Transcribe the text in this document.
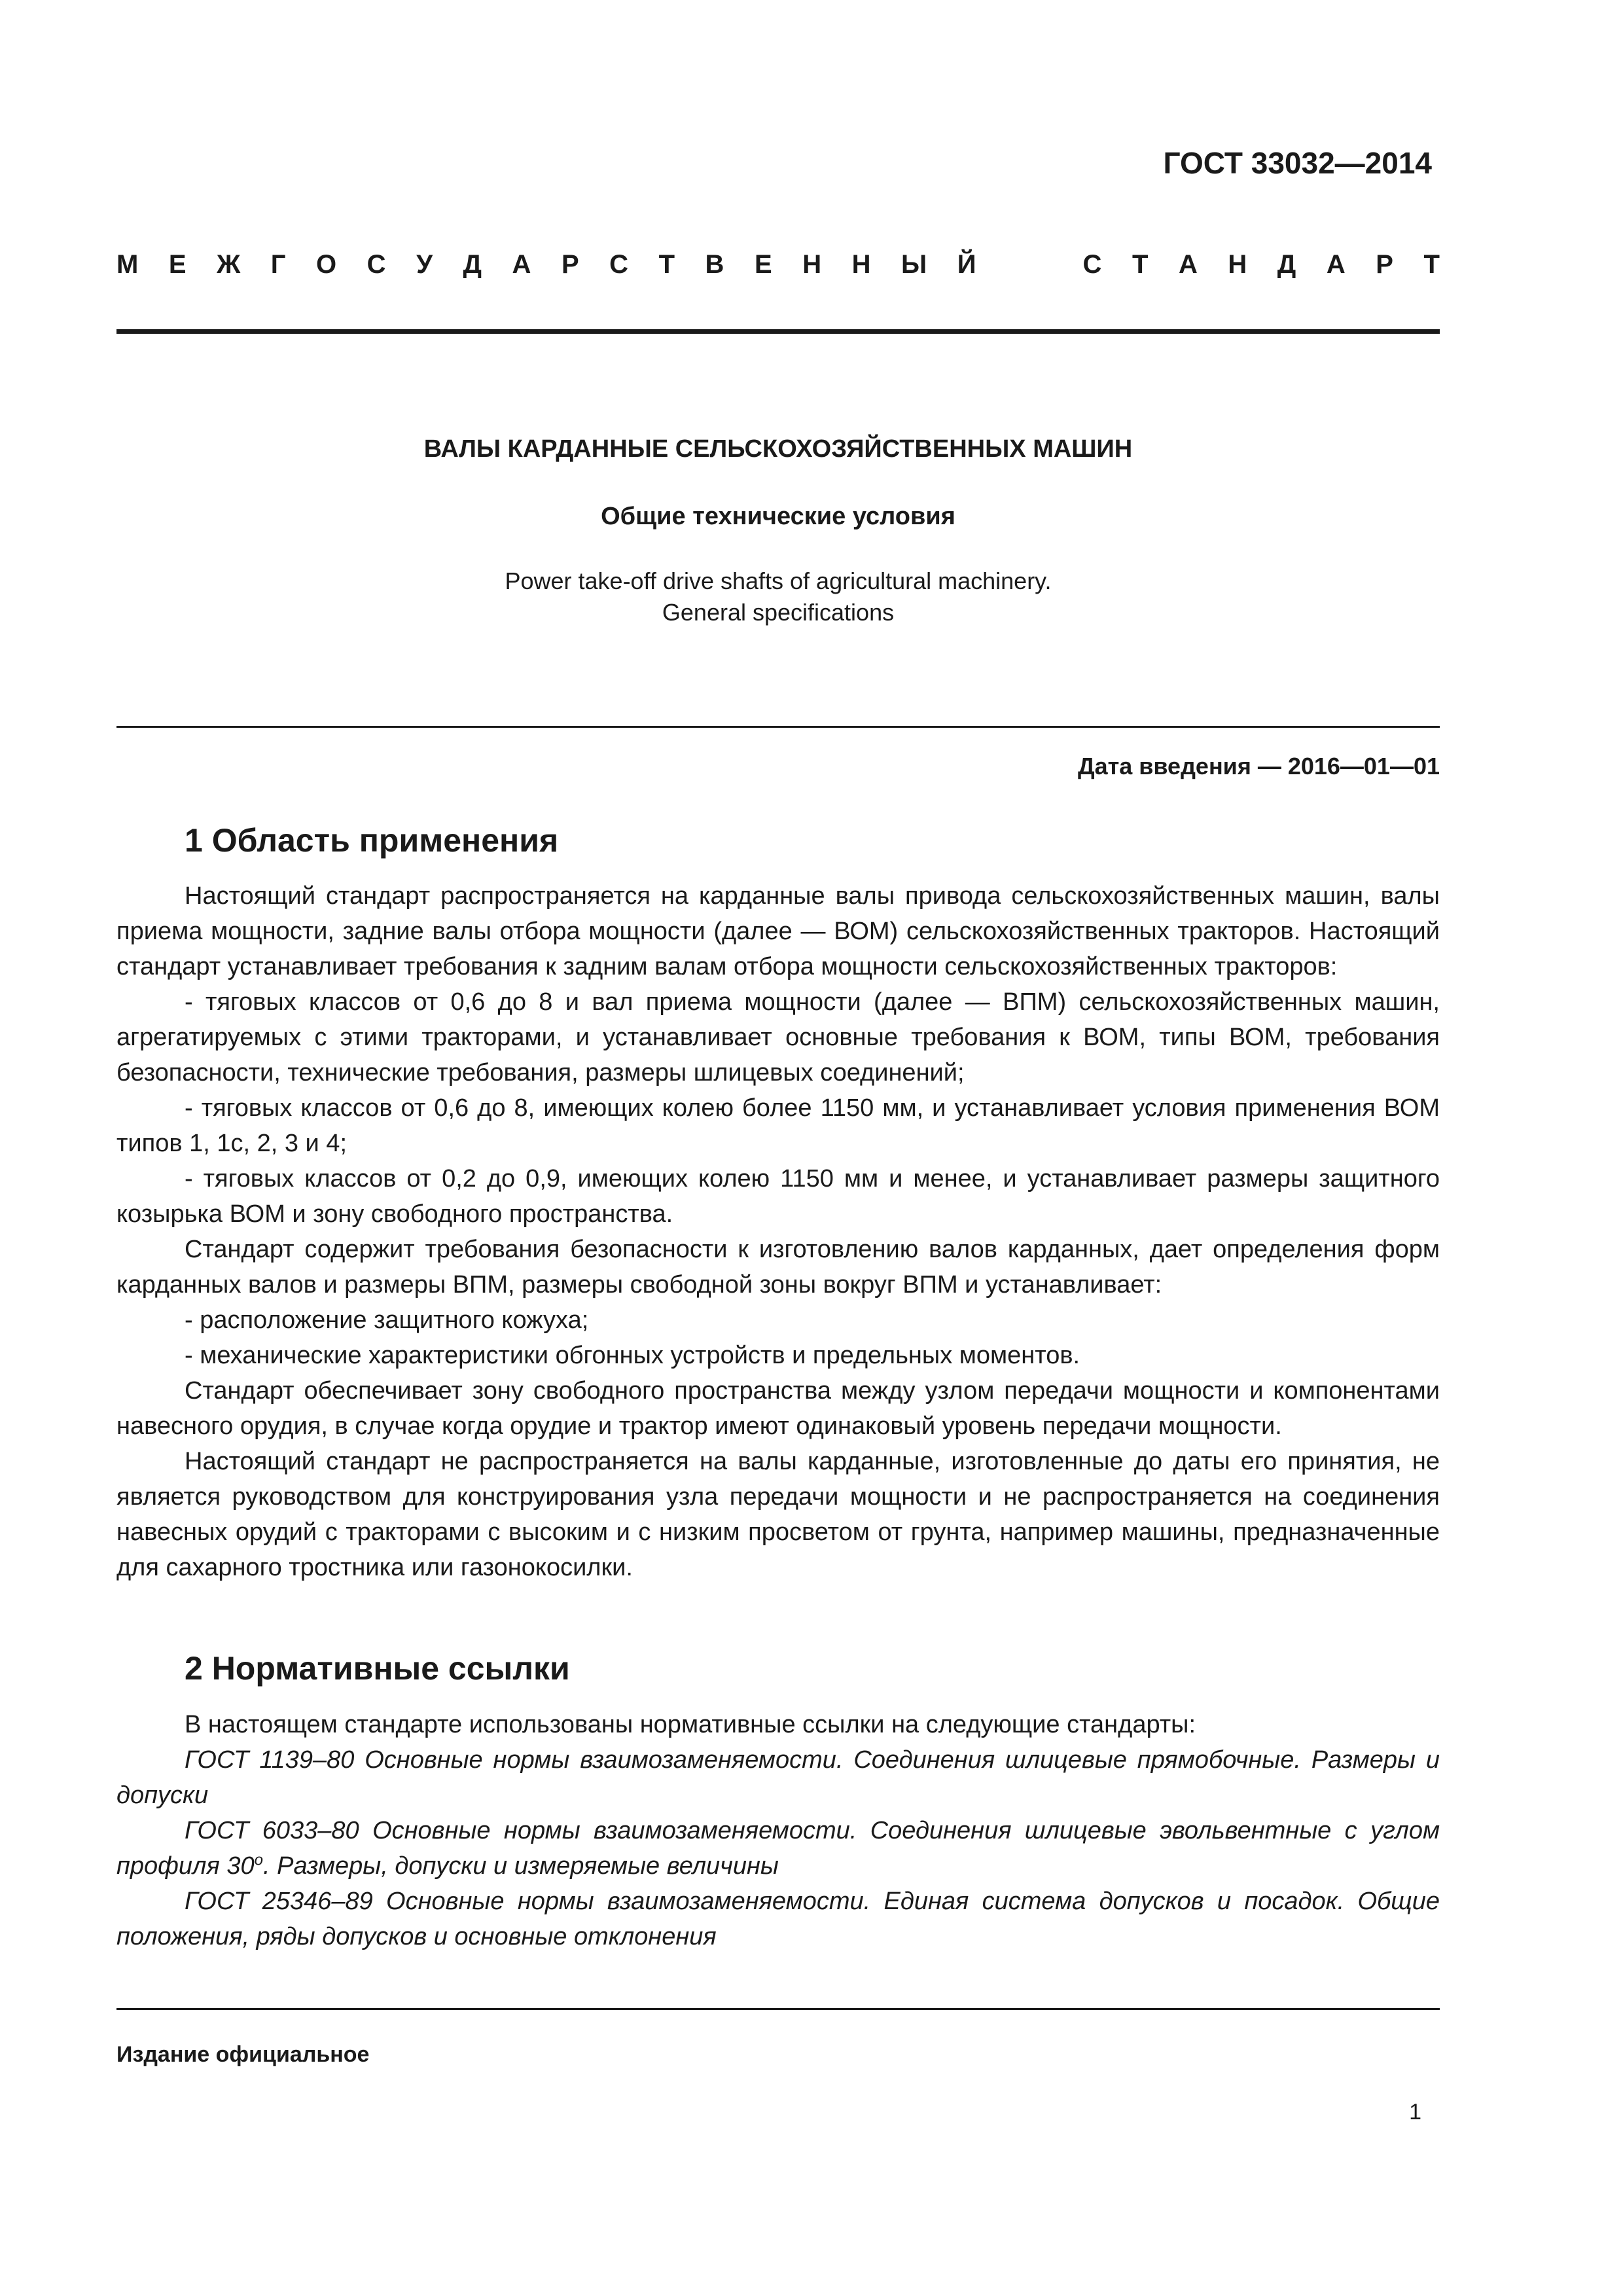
ГОСТ 33032—2014

М Е Ж Г О С У Д А Р С Т В Е Н Н Ы Й	С Т А Н Д А Р Т

ВАЛЫ КАРДАННЫЕ СЕЛЬСКОХОЗЯЙСТВЕННЫХ МАШИН

Общие технические условия

Power take-off drive shafts of agricultural machinery.
General specifications

Дата введения — 2016—01—01

1 Область применения

Настоящий стандарт распространяется на карданные валы привода сельскохозяйственных машин, валы приема мощности, задние валы отбора мощности (далее — ВОМ) сельскохозяйственных тракторов. Настоящий стандарт устанавливает требования к задним валам отбора мощности сельскохозяйственных тракторов:

- тяговых классов от 0,6 до 8 и вал приема мощности (далее — ВПМ) сельскохозяйственных машин, агрегатируемых с этими тракторами, и устанавливает основные требования к ВОМ, типы ВОМ, требования безопасности, технические требования, размеры шлицевых соединений;

- тяговых классов от 0,6 до 8, имеющих колею более 1150 мм, и устанавливает условия применения ВОМ типов 1, 1с, 2, 3 и 4;

- тяговых классов от 0,2 до 0,9, имеющих колею 1150 мм и менее, и устанавливает размеры защитного козырька ВОМ и зону свободного пространства.

Стандарт содержит требования безопасности к изготовлению валов карданных, дает определения форм карданных валов и размеры ВПМ, размеры свободной зоны вокруг ВПМ и устанавливает:

- расположение защитного кожуха;

- механические характеристики обгонных устройств и предельных моментов.

Стандарт обеспечивает зону свободного пространства между узлом передачи мощности и компонентами навесного орудия, в случае когда орудие и трактор имеют одинаковый уровень передачи мощности.

Настоящий стандарт не распространяется на валы карданные, изготовленные до даты его принятия, не является руководством для конструирования узла передачи мощности и не распространяется на соединения навесных орудий с тракторами с высоким и с низким просветом от грунта, например машины, предназначенные для сахарного тростника или газонокосилки.

2 Нормативные ссылки

В настоящем стандарте использованы нормативные ссылки на следующие стандарты:

ГОСТ 1139–80 Основные нормы взаимозаменяемости. Соединения шлицевые прямобочные. Размеры и допуски

ГОСТ 6033–80 Основные нормы взаимозаменяемости. Соединения шлицевые эвольвентные с углом профиля $30^о$. Размеры, допуски и измеряемые величины

ГОСТ 25346–89 Основные нормы взаимозаменяемости. Единая система допусков и посадок. Общие положения, ряды допусков и основные отклонения

Издание официальное

1
